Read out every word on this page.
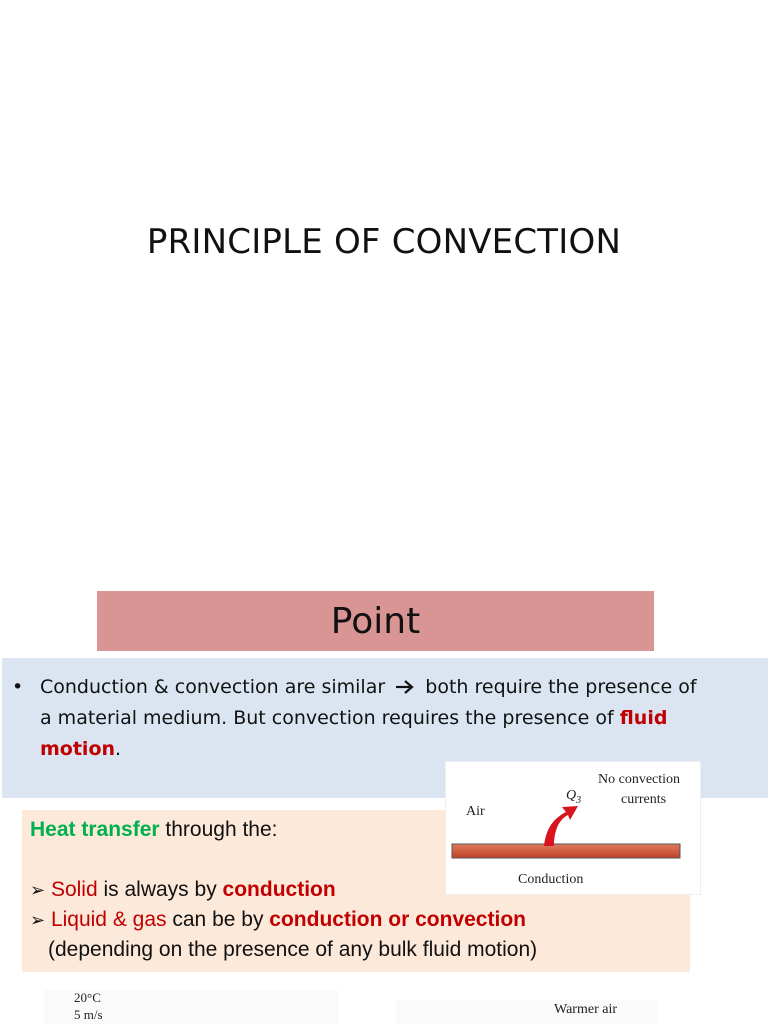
PRINCIPLE OF CONVECTION
Point
• Conduction & convection are similar both require the presence of
a material medium. But convection requires the presence of fluid
motion.
Heat transfer through the:
➢ Solid is always by conduction
➢ Liquid & gas can be by conduction or convection
(depending on the presence of any bulk fluid motion)
No convection
currents
$Q_3$
Air
Conduction
20°C
5 m/s	Warmer air
